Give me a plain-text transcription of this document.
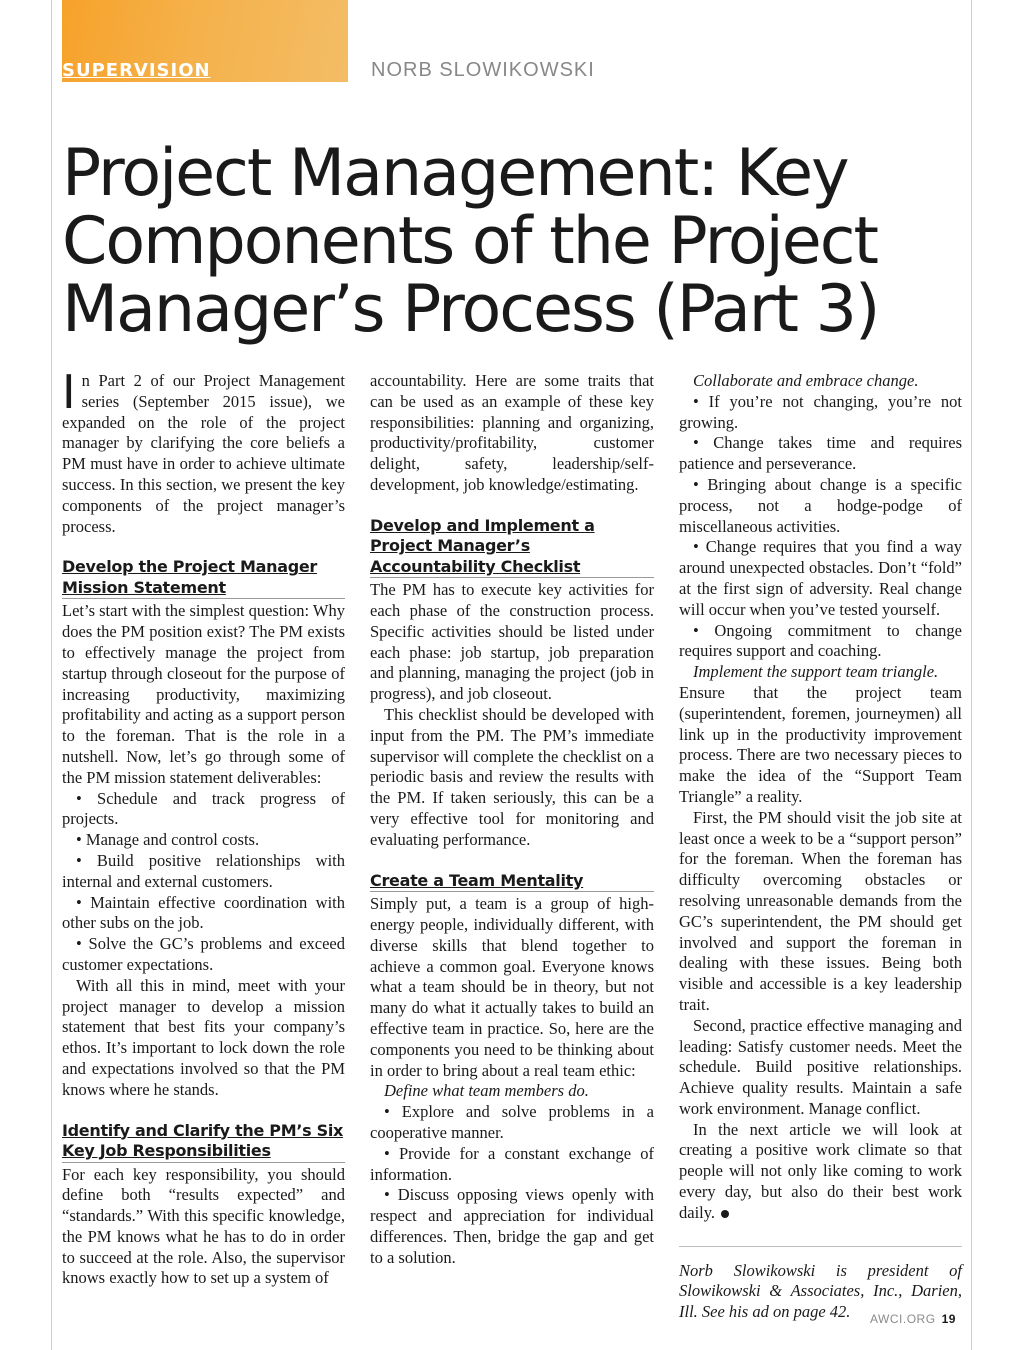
SUPERVISION	NORB SLOWIKOWSKI
Project Management: Key Components of the Project Manager’s Process (Part 3)

In Part 2 of our Project Management series (September 2015 issue), we expanded on the role of the project manager by clarifying the core beliefs a PM must have in order to achieve ultimate success. In this section, we present the key components of the project manager’s process.

Develop the Project Manager Mission Statement

Let’s start with the simplest question: Why does the PM position exist? The PM exists to effectively manage the project from startup through closeout for the purpose of increasing productivity, maximizing profitability and acting as a support person to the foreman. That is the role in a nutshell. Now, let’s go through some of the PM mission statement deliverables:

• Schedule and track progress of projects.

• Manage and control costs.

• Build positive relationships with internal and external customers.

• Maintain effective coordination with other subs on the job.

• Solve the GC’s problems and exceed customer expectations.

With all this in mind, meet with your project manager to develop a mission statement that best fits your company’s ethos. It’s important to lock down the role and expectations involved so that the PM knows where he stands.

Identify and Clarify the PM’s Six Key Job Responsibilities

For each key responsibility, you should define both “results expected” and “standards.” With this specific knowledge, the PM knows what he has to do in order to succeed at the role. Also, the supervisor knows exactly how to set up a system of

accountability. Here are some traits that can be used as an example of these key responsibilities: planning and organizing, productivity/profitability, customer delight, safety, leadership/self-development, job knowledge/estimating.

Develop and Implement a Project Manager’s Accountability Checklist

The PM has to execute key activities for each phase of the construction process. Specific activities should be listed under each phase: job startup, job preparation and planning, managing the project (job in progress), and job closeout.

This checklist should be developed with input from the PM. The PM’s immediate supervisor will complete the checklist on a periodic basis and review the results with the PM. If taken seriously, this can be a very effective tool for monitoring and evaluating performance.

Create a Team Mentality

Simply put, a team is a group of high-energy people, individually different, with diverse skills that blend together to achieve a common goal. Everyone knows what a team should be in theory, but not many do what it actually takes to build an effective team in practice. So, here are the components you need to be thinking about in order to bring about a real team ethic:

Define what team members do.

• Explore and solve problems in a cooperative manner.

• Provide for a constant exchange of information.

• Discuss opposing views openly with respect and appreciation for individual differences. Then, bridge the gap and get to a solution.

Collaborate and embrace change.

• If you’re not changing, you’re not growing.

• Change takes time and requires patience and perseverance.

• Bringing about change is a specific process, not a hodge-podge of miscellaneous activities.

• Change requires that you find a way around unexpected obstacles. Don’t “fold” at the first sign of adversity. Real change will occur when you’ve tested yourself.

• Ongoing commitment to change requires support and coaching.

Implement the support team triangle.

Ensure that the project team (superintendent, foremen, journeymen) all link up in the productivity improvement process. There are two necessary pieces to make the idea of the “Support Team Triangle” a reality.

First, the PM should visit the job site at least once a week to be a “support person” for the foreman. When the foreman has difficulty overcoming obstacles or resolving unreasonable demands from the GC’s superintendent, the PM should get involved and support the foreman in dealing with these issues. Being both visible and accessible is a key leadership trait.

Second, practice effective managing and leading: Satisfy customer needs. Meet the schedule. Build positive relationships. Achieve quality results. Maintain a safe work environment. Manage conflict.

In the next article we will look at creating a positive work climate so that people will not only like coming to work every day, but also do their best work daily.

Norb Slowikowski is president of Slowikowski & Associates, Inc., Darien, Ill. See his ad on page 42.	AWCI.ORG 19
